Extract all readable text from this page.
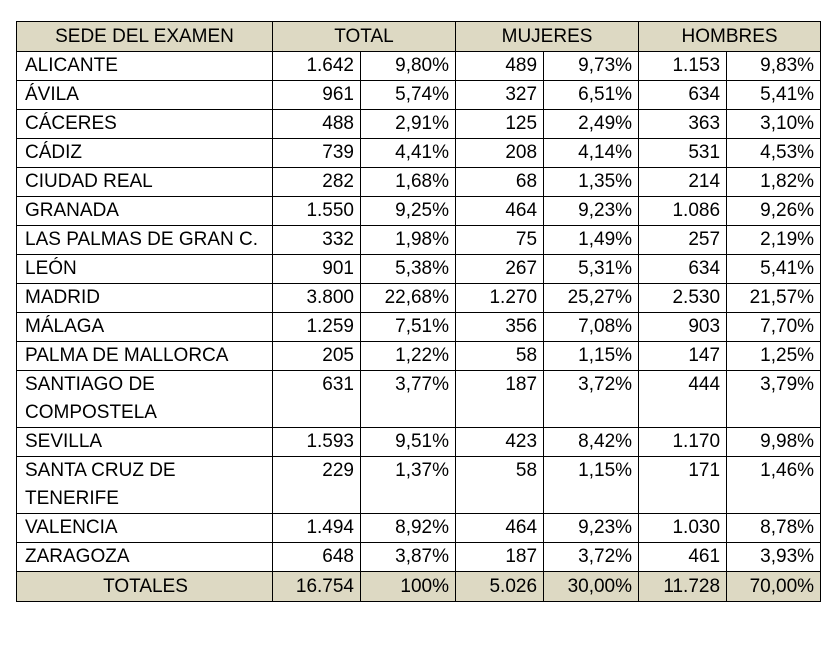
SEDE DEL EXAMEN	TOTAL		MUJERES		HOMBRES	
ALICANTE	1.642	9,80%	489	9,73%	1.153	9,83%
ÁVILA	961	5,74%	327	6,51%	634	5,41%
CÁCERES	488	2,91%	125	2,49%	363	3,10%
CÁDIZ	739	4,41%	208	4,14%	531	4,53%
CIUDAD REAL	282	1,68%	68	1,35%	214	1,82%
GRANADA	1.550	9,25%	464	9,23%	1.086	9,26%
LAS PALMAS DE GRAN C.	332	1,98%	75	1,49%	257	2,19%
LEÓN	901	5,38%	267	5,31%	634	5,41%
MADRID	3.800	22,68%	1.270	25,27%	2.530	21,57%
MÁLAGA	1.259	7,51%	356	7,08%	903	7,70%
PALMA DE MALLORCA	205	1,22%	58	1,15%	147	1,25%
SANTIAGO DE COMPOSTELA	631	3,77%	187	3,72%	444	3,79%
SEVILLA	1.593	9,51%	423	8,42%	1.170	9,98%
SANTA CRUZ DE TENERIFE	229	1,37%	58	1,15%	171	1,46%
VALENCIA	1.494	8,92%	464	9,23%	1.030	8,78%
ZARAGOZA	648	3,87%	187	3,72%	461	3,93%
TOTALES	16.754	100%	5.026	30,00%	11.728	70,00%
